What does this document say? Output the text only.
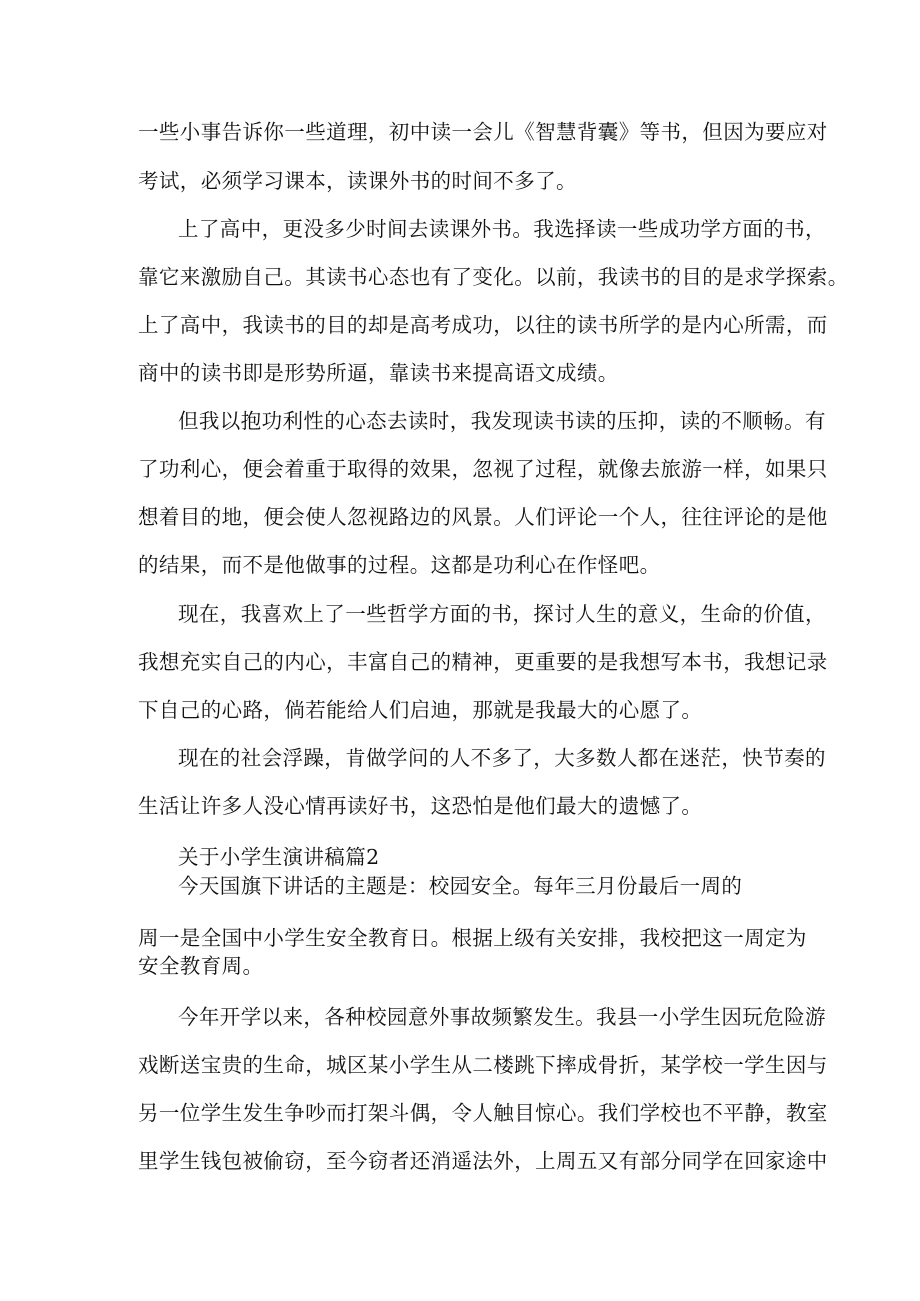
一些小事告诉你一些道理，初中读一会儿《智慧背囊》等书，但因为要应对
考试，必须学习课本，读课外书的时间不多了。
上了高中，更没多少时间去读课外书。我选择读一些成功学方面的书，
靠它来激励自己。其读书心态也有了变化。以前，我读书的目的是求学探索。
上了高中，我读书的目的却是高考成功，以往的读书所学的是内心所需，而
商中的读书即是形势所逼，靠读书来提高语文成绩。
但我以抱功利性的心态去读时，我发现读书读的压抑，读的不顺畅。有
了功利心，便会着重于取得的效果，忽视了过程，就像去旅游一样，如果只
想着目的地，便会使人忽视路边的风景。人们评论一个人，往往评论的是他
的结果，而不是他做事的过程。这都是功利心在作怪吧。
现在，我喜欢上了一些哲学方面的书，探讨人生的意义，生命的价值，
我想充实自己的内心，丰富自己的精神，更重要的是我想写本书，我想记录
下自己的心路，倘若能给人们启迪，那就是我最大的心愿了。
现在的社会浮躁，肯做学问的人不多了，大多数人都在迷茫，快节奏的
生活让许多人没心情再读好书，这恐怕是他们最大的遗憾了。
关于小学生演讲稿篇2
今天国旗下讲话的主题是：校园安全。每年三月份最后一周的
周一是全国中小学生安全教育日。根据上级有关安排，我校把这一周定为
安全教育周。
今年开学以来，各种校园意外事故频繁发生。我县一小学生因玩危险游
戏断送宝贵的生命，城区某小学生从二楼跳下摔成骨折，某学校一学生因与
另一位学生发生争吵而打架斗偶，令人触目惊心。我们学校也不平静，教室
里学生钱包被偷窃，至今窃者还消遥法外，上周五又有部分同学在回家途中
